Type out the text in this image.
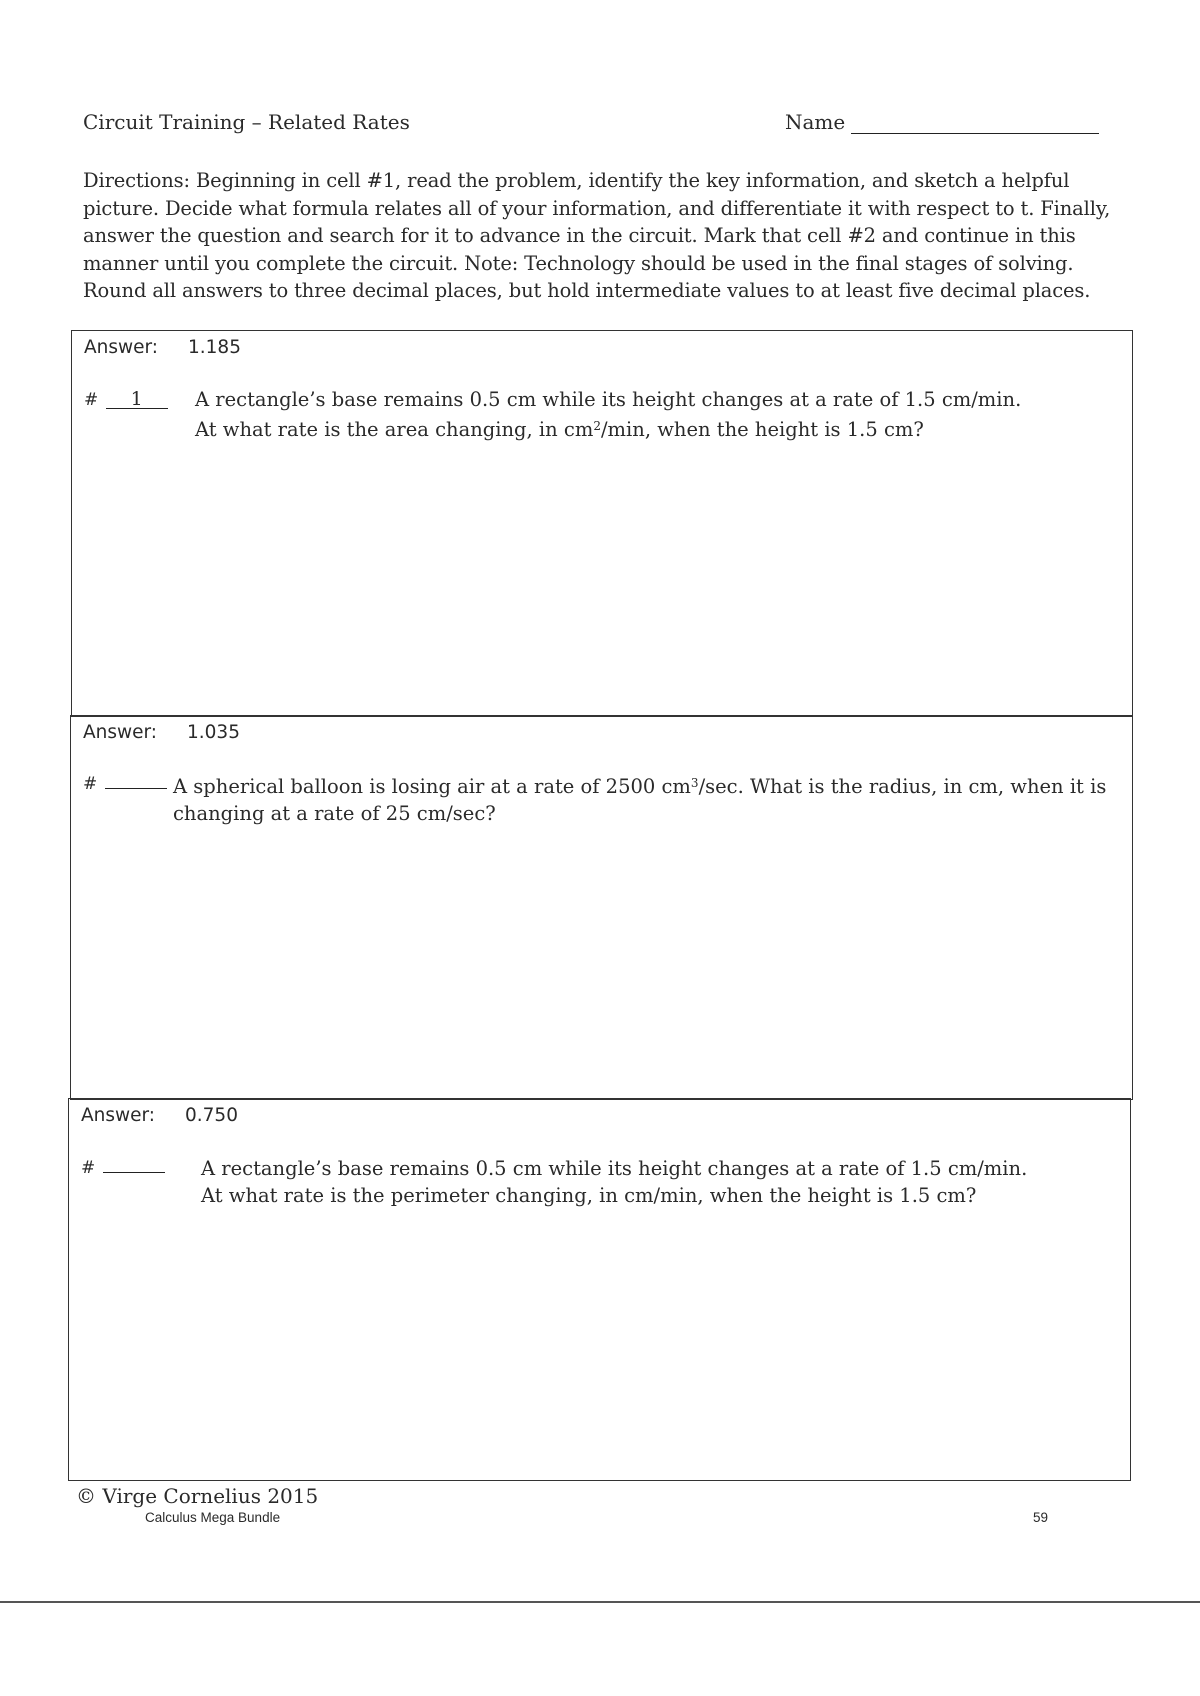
Circuit Training – Related Rates	Name
Directions: Beginning in cell #1, read the problem, identify the key information, and sketch a helpful
picture. Decide what formula relates all of your information, and differentiate it with respect to t. Finally,
answer the question and search for it to advance in the circuit. Mark that cell #2 and continue in this
manner until you complete the circuit. Note: Technology should be used in the final stages of solving.
Round all answers to three decimal places, but hold intermediate values to at least five decimal places.
Answer: 1.185
# 1	A rectangle’s base remains 0.5 cm while its height changes at a rate of 1.5 cm/min.
At what rate is the area changing, in $cm^2/\min$, when the height is 1.5 cm?
Answer: 1.035
#	A spherical balloon is losing air at a rate of 2500 $cm^3/\sec$. What is the radius, in cm, when it is
changing at a rate of 25 cm/sec?
Answer: 0.750
#	A rectangle’s base remains 0.5 cm while its height changes at a rate of 1.5 cm/min.
At what rate is the perimeter changing, in cm/min, when the height is 1.5 cm?
© Virge Cornelius 2015
Calculus Mega Bundle	59
